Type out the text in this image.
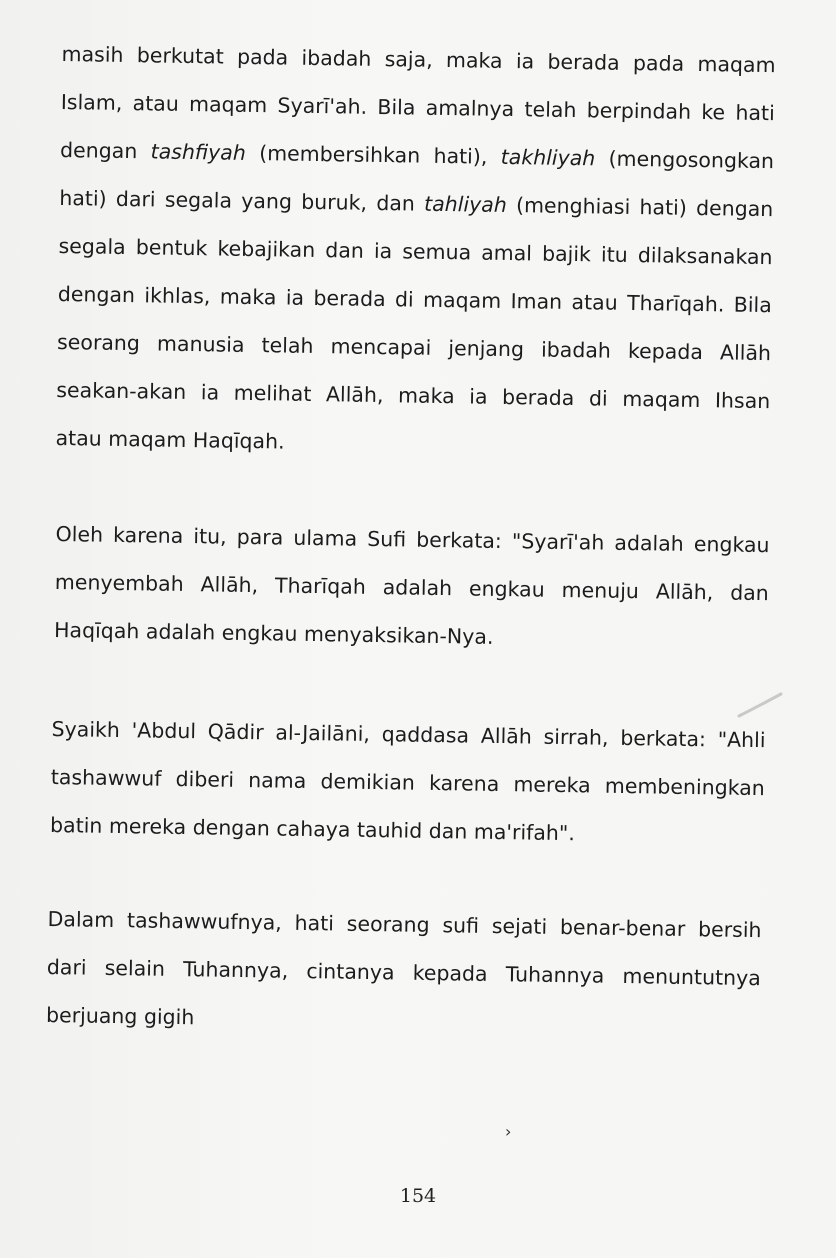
masih berkutat pada ibadah saja, maka ia berada pada maqam
Islam, atau maqam Syarī'ah. Bila amalnya telah berpindah ke hati
dengan tashfiyah (membersihkan hati), takhliyah (mengosongkan
hati) dari segala yang buruk, dan tahliyah (menghiasi hati) dengan
segala bentuk kebajikan dan ia semua amal bajik itu dilaksanakan
dengan ikhlas, maka ia berada di maqam Iman atau Tharīqah. Bila
seorang manusia telah mencapai jenjang ibadah kepada Allāh
seakan-akan ia melihat Allāh, maka ia berada di maqam Ihsan
atau maqam Haqīqah.
Oleh karena itu, para ulama Sufi berkata: "Syarī'ah adalah engkau
menyembah Allāh, Tharīqah adalah engkau menuju Allāh, dan
Haqīqah adalah engkau menyaksikan-Nya.
Syaikh 'Abdul Qādir al-Jailāni, qaddasa Allāh sirrah, berkata: "Ahli
tashawwuf diberi nama demikian karena mereka membeningkan
batin mereka dengan cahaya tauhid dan ma'rifah".
Dalam tashawwufnya, hati seorang sufi sejati benar-benar bersih
dari selain Tuhannya, cintanya kepada Tuhannya menuntutnya
berjuang gigih
›
154
